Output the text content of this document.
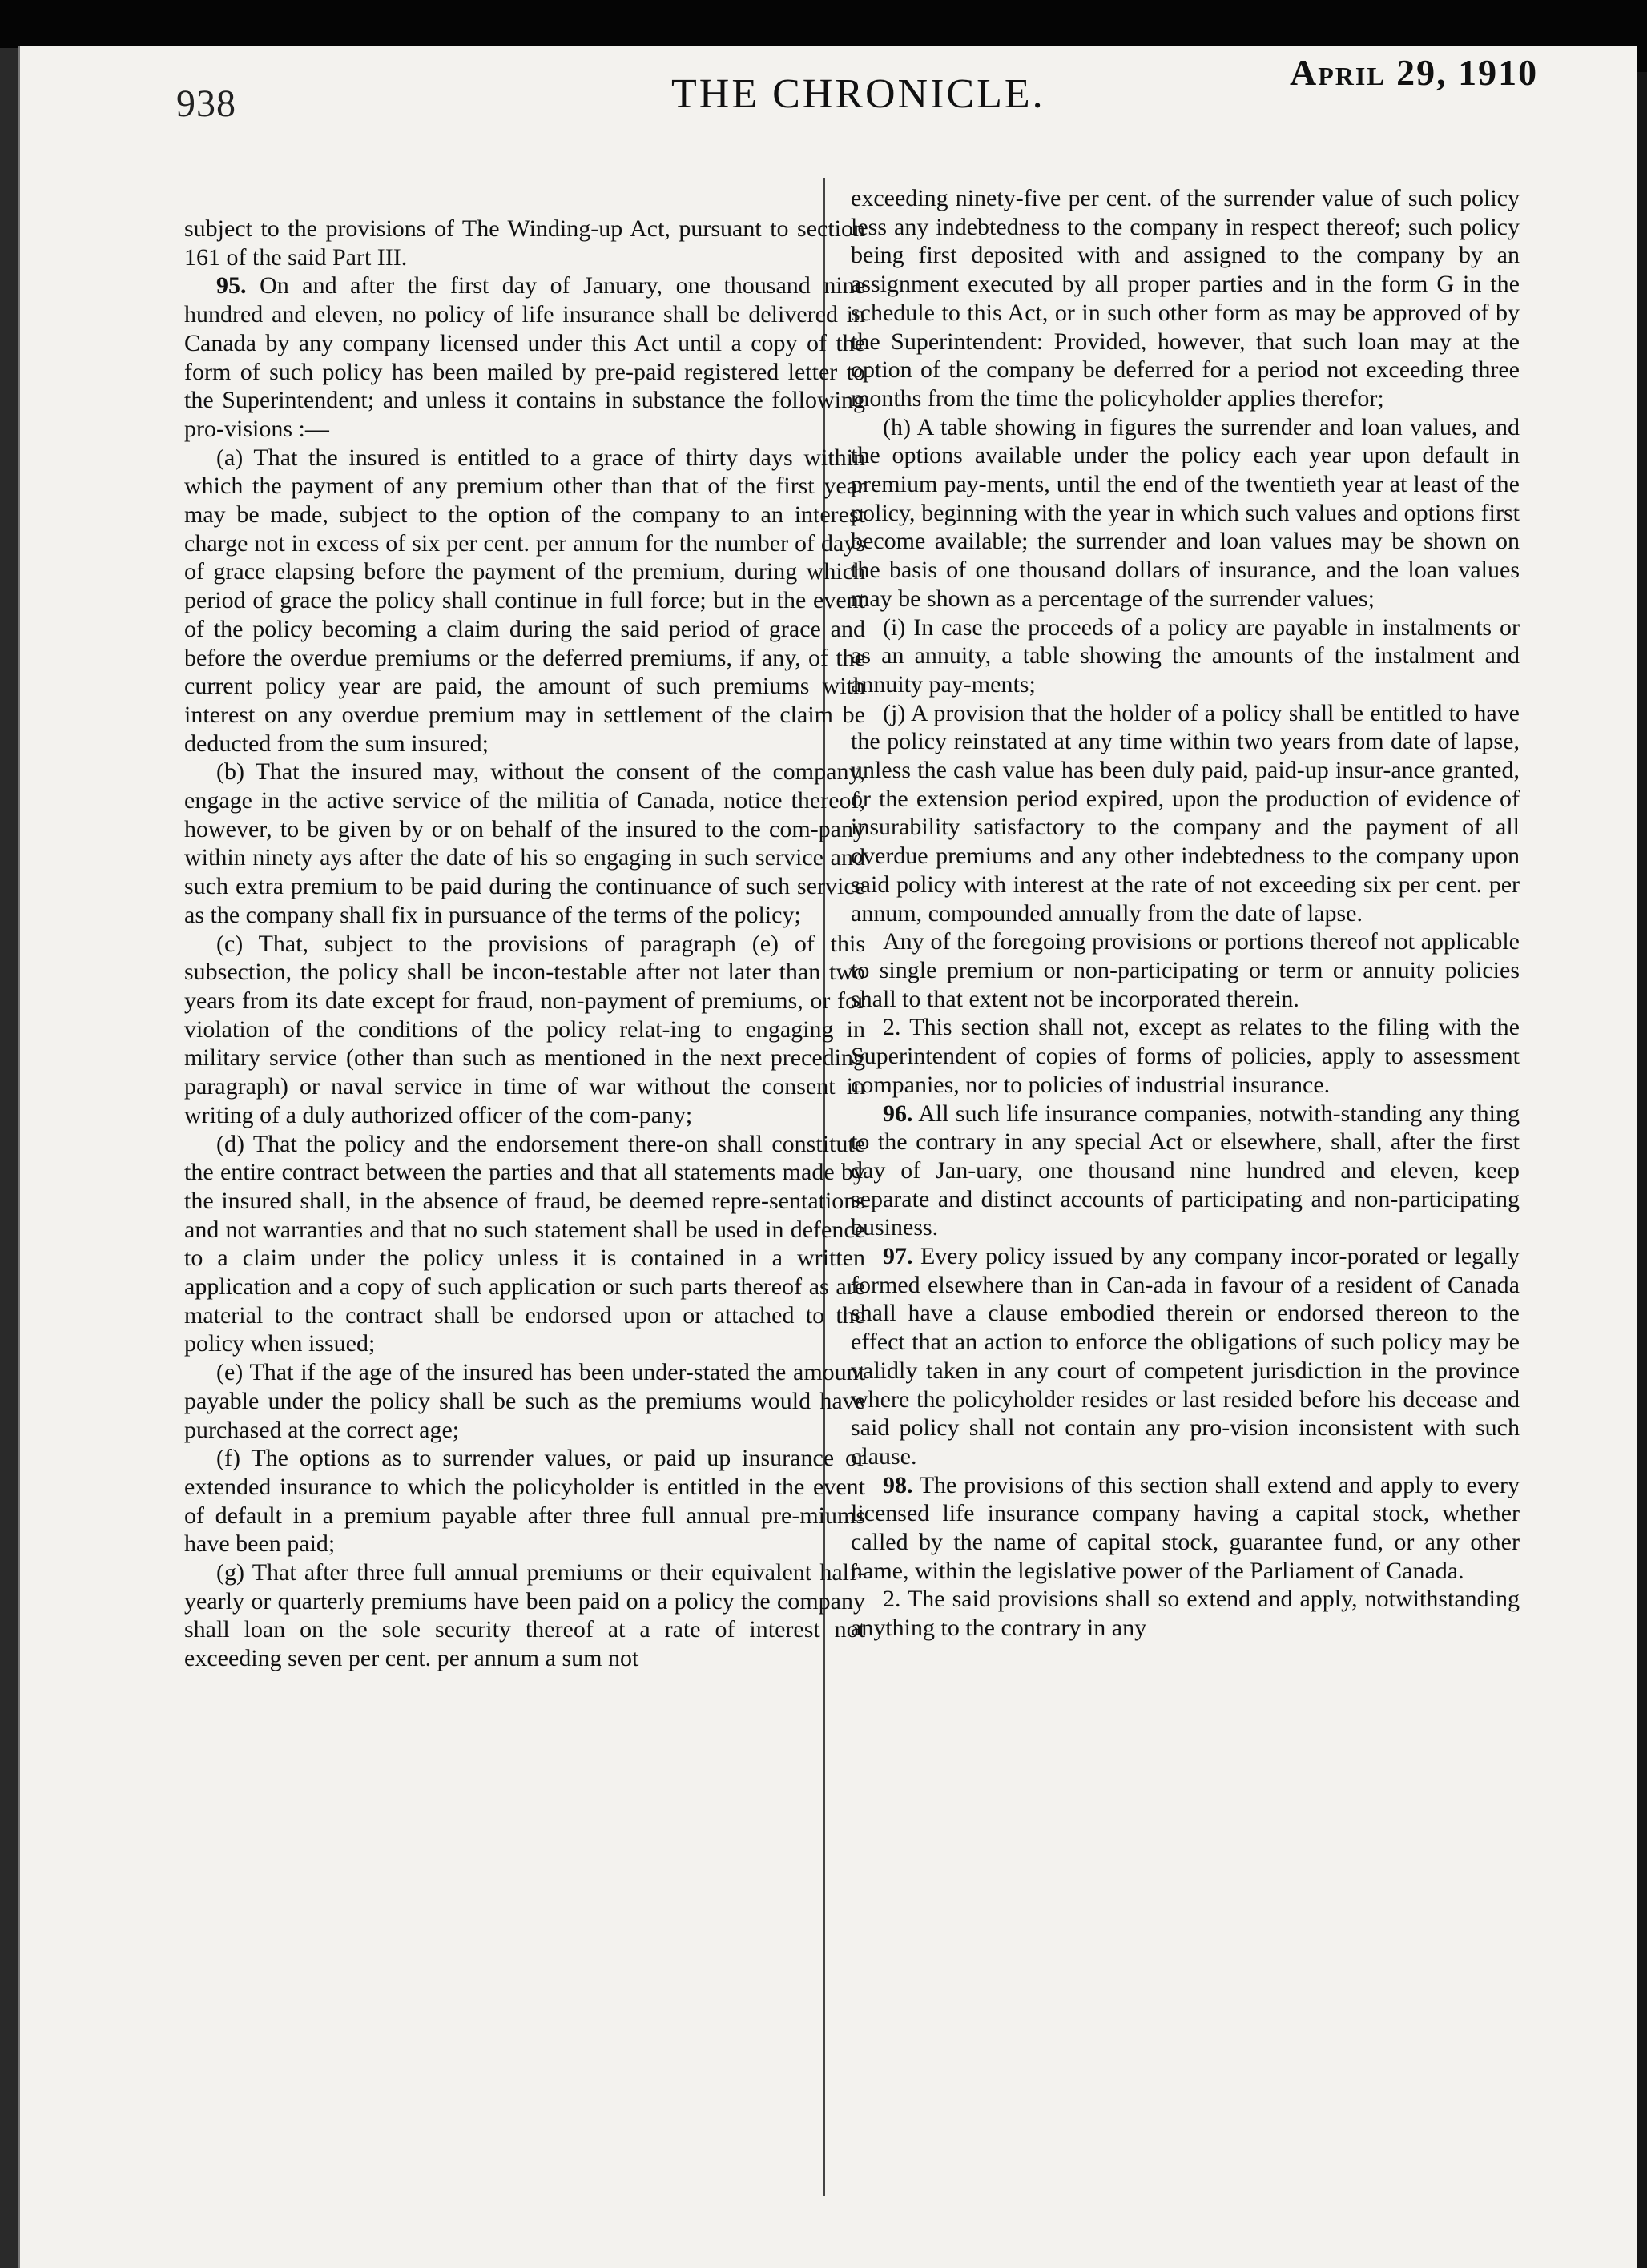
938	THE CHRONICLE.	April 29, 1910

subject to the provisions of The Winding-up Act, pursuant to section 161 of the said Part III.

95. On and after the first day of January, one thousand nine hundred and eleven, no policy of life insurance shall be delivered in Canada by any company licensed under this Act until a copy of the form of such policy has been mailed by pre-paid registered letter to the Superintendent; and unless it contains in substance the following pro-visions :—

(a) That the insured is entitled to a grace of thirty days within which the payment of any premium other than that of the first year may be made, subject to the option of the company to an interest charge not in excess of six per cent. per annum for the number of days of grace elapsing before the payment of the premium, during which period of grace the policy shall continue in full force; but in the event of the policy becoming a claim during the said period of grace and before the overdue premiums or the deferred premiums, if any, of the current policy year are paid, the amount of such premiums with interest on any overdue premium may in settlement of the claim be deducted from the sum insured;

(b) That the insured may, without the consent of the company, engage in the active service of the militia of Canada, notice thereof, however, to be given by or on behalf of the insured to the com-pany within ninety ays after the date of his so engaging in such service and such extra premium to be paid during the continuance of such service as the company shall fix in pursuance of the terms of the policy;

(c) That, subject to the provisions of paragraph (e) of this subsection, the policy shall be incon-testable after not later than two years from its date except for fraud, non-payment of premiums, or for violation of the conditions of the policy relat-ing to engaging in military service (other than such as mentioned in the next preceding paragraph) or naval service in time of war without the consent in writing of a duly authorized officer of the com-pany;

(d) That the policy and the endorsement there-on shall constitute the entire contract between the parties and that all statements made by the insured shall, in the absence of fraud, be deemed repre-sentations and not warranties and that no such statement shall be used in defence to a claim under the policy unless it is contained in a written application and a copy of such application or such parts thereof as are material to the contract shall be endorsed upon or attached to the policy when issued;

(e) That if the age of the insured has been under-stated the amount payable under the policy shall be such as the premiums would have purchased at the correct age;

(f) The options as to surrender values, or paid up insurance or extended insurance to which the policyholder is entitled in the event of default in a premium payable after three full annual pre-miums have been paid;

(g) That after three full annual premiums or their equivalent half-yearly or quarterly premiums have been paid on a policy the company shall loan on the sole security thereof at a rate of interest not exceeding seven per cent. per annum a sum not

exceeding ninety-five per cent. of the surrender value of such policy less any indebtedness to the company in respect thereof; such policy being first deposited with and assigned to the company by an assignment executed by all proper parties and in the form G in the schedule to this Act, or in such other form as may be approved of by the Superintendent: Provided, however, that such loan may at the option of the company be deferred for a period not exceeding three months from the time the policyholder applies therefor;

(h) A table showing in figures the surrender and loan values, and the options available under the policy each year upon default in premium pay-ments, until the end of the twentieth year at least of the policy, beginning with the year in which such values and options first become available; the surrender and loan values may be shown on the basis of one thousand dollars of insurance, and the loan values may be shown as a percentage of the surrender values;

(i) In case the proceeds of a policy are payable in instalments or as an annuity, a table showing the amounts of the instalment and annuity pay-ments;

(j) A provision that the holder of a policy shall be entitled to have the policy reinstated at any time within two years from date of lapse, unless the cash value has been duly paid, paid-up insur-ance granted, or the extension period expired, upon the production of evidence of insurability satisfactory to the company and the payment of all overdue premiums and any other indebtedness to the company upon said policy with interest at the rate of not exceeding six per cent. per annum, compounded annually from the date of lapse.

Any of the foregoing provisions or portions thereof not applicable to single premium or non-participating or term or annuity policies shall to that extent not be incorporated therein.

2. This section shall not, except as relates to the filing with the Superintendent of copies of forms of policies, apply to assessment companies, nor to policies of industrial insurance.

96. All such life insurance companies, notwith-standing any thing to the contrary in any special Act or elsewhere, shall, after the first day of Jan-uary, one thousand nine hundred and eleven, keep separate and distinct accounts of participating and non-participating business.

97. Every policy issued by any company incor-porated or legally formed elsewhere than in Can-ada in favour of a resident of Canada shall have a clause embodied therein or endorsed thereon to the effect that an action to enforce the obligations of such policy may be validly taken in any court of competent jurisdiction in the province where the policyholder resides or last resided before his decease and said policy shall not contain any pro-vision inconsistent with such clause.

98. The provisions of this section shall extend and apply to every licensed life insurance company having a capital stock, whether called by the name of capital stock, guarantee fund, or any other name, within the legislative power of the Parliament of Canada.

2. The said provisions shall so extend and apply, notwithstanding anything to the contrary in any
